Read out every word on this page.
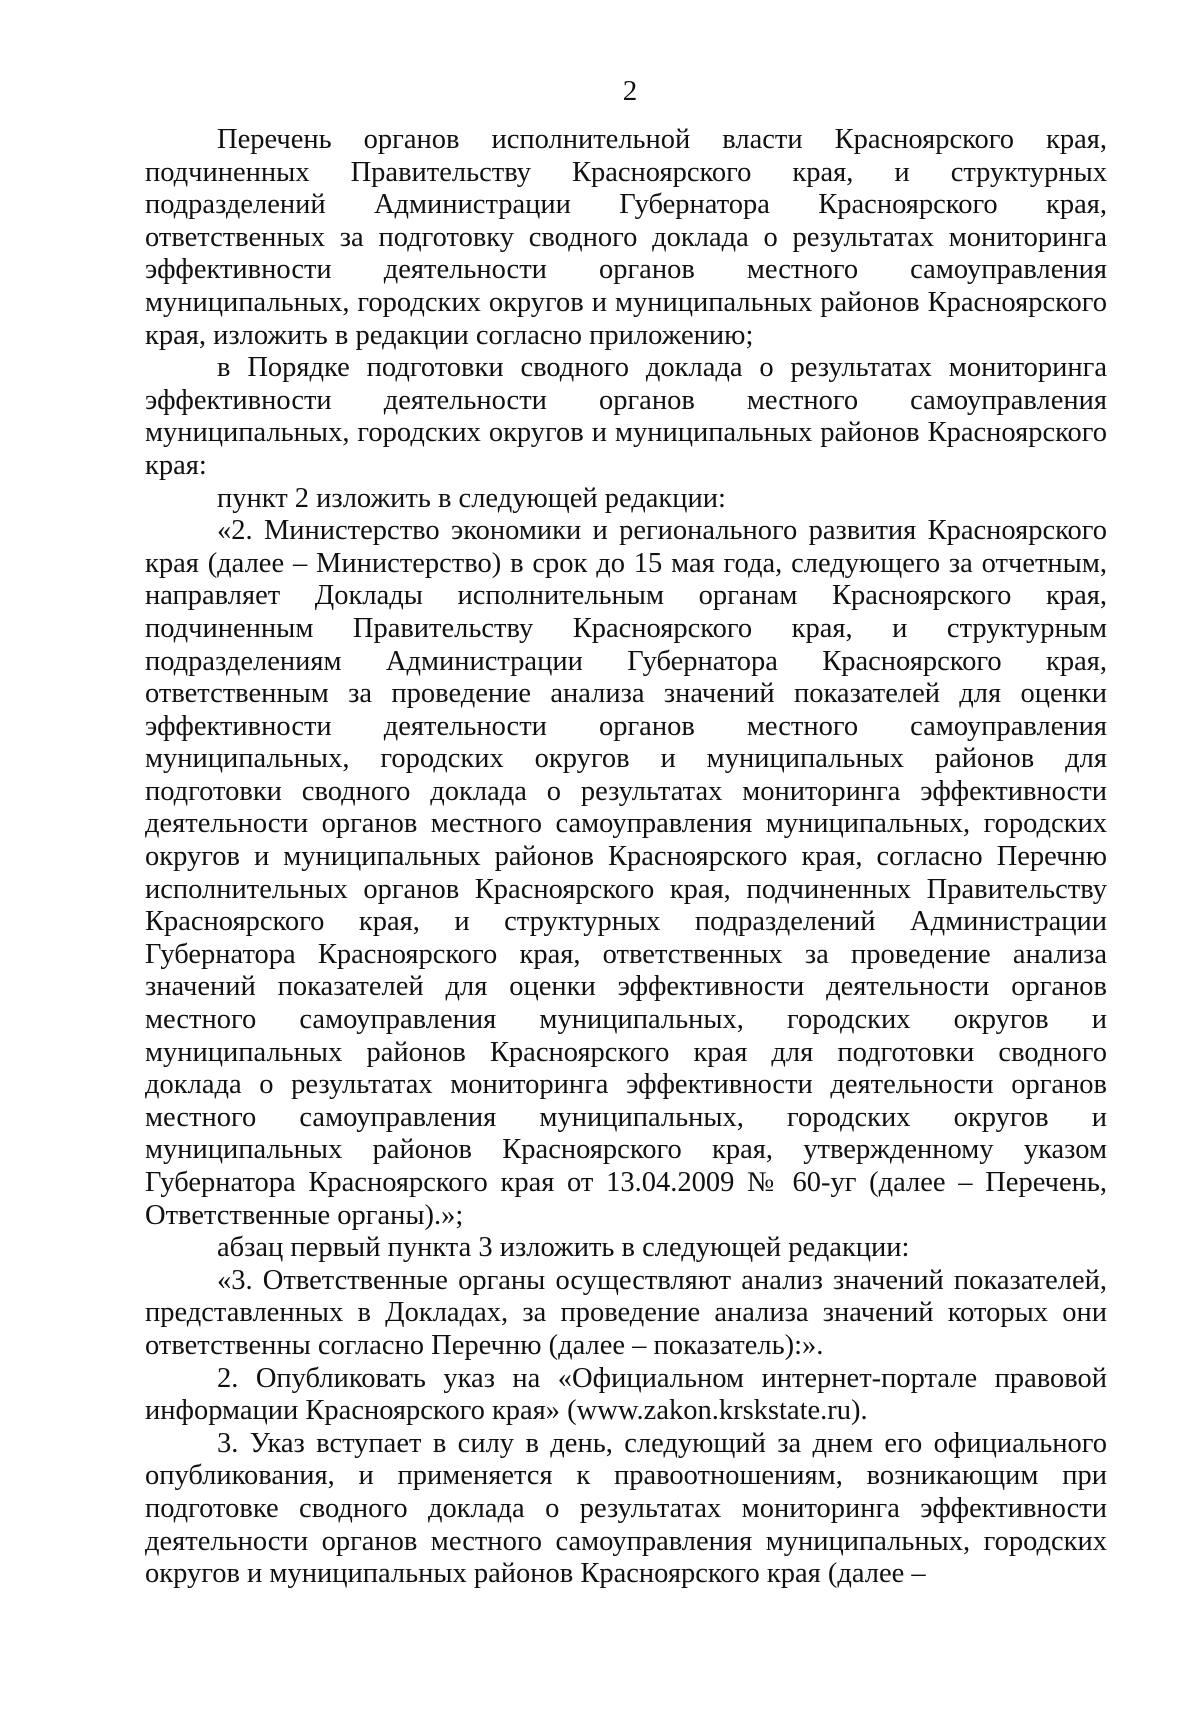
2

Перечень органов исполнительной власти Красноярского края, подчиненных Правительству Красноярского края, и структурных подразделений Администрации Губернатора Красноярского края, ответственных за подготовку сводного доклада о результатах мониторинга эффективности деятельности органов местного самоуправления муниципальных, городских округов и муниципальных районов Красноярского края, изложить в редакции согласно приложению;

в Порядке подготовки сводного доклада о результатах мониторинга эффективности деятельности органов местного самоуправления муниципальных, городских округов и муниципальных районов Красноярского края:

пункт 2 изложить в следующей редакции:

«2. Министерство экономики и регионального развития Красноярского края (далее – Министерство) в срок до 15 мая года, следующего за отчетным, направляет Доклады исполнительным органам Красноярского края, подчиненным Правительству Красноярского края, и структурным подразделениям Администрации Губернатора Красноярского края, ответственным за проведение анализа значений показателей для оценки эффективности деятельности органов местного самоуправления муниципальных, городских округов и муниципальных районов для подготовки сводного доклада о результатах мониторинга эффективности деятельности органов местного самоуправления муниципальных, городских округов и муниципальных районов Красноярского края, согласно Перечню исполнительных органов Красноярского края, подчиненных Правительству Красноярского края, и структурных подразделений Администрации Губернатора Красноярского края, ответственных за проведение анализа значений показателей для оценки эффективности деятельности органов местного самоуправления муниципальных, городских округов и муниципальных районов Красноярского края для подготовки сводного доклада о результатах мониторинга эффективности деятельности органов местного самоуправления муниципальных, городских округов и муниципальных районов Красноярского края, утвержденному указом Губернатора Красноярского края от 13.04.2009 № 60-уг (далее – Перечень, Ответственные органы).»;

абзац первый пункта 3 изложить в следующей редакции:

«3. Ответственные органы осуществляют анализ значений показателей, представленных в Докладах, за проведение анализа значений которых они ответственны согласно Перечню (далее – показатель):».

2. Опубликовать указ на «Официальном интернет-портале правовой информации Красноярского края» (www.zakon.krskstate.ru).

3. Указ вступает в силу в день, следующий за днем его официального опубликования, и применяется к правоотношениям, возникающим при подготовке сводного доклада о результатах мониторинга эффективности деятельности органов местного самоуправления муниципальных, городских округов и муниципальных районов Красноярского края (далее –
